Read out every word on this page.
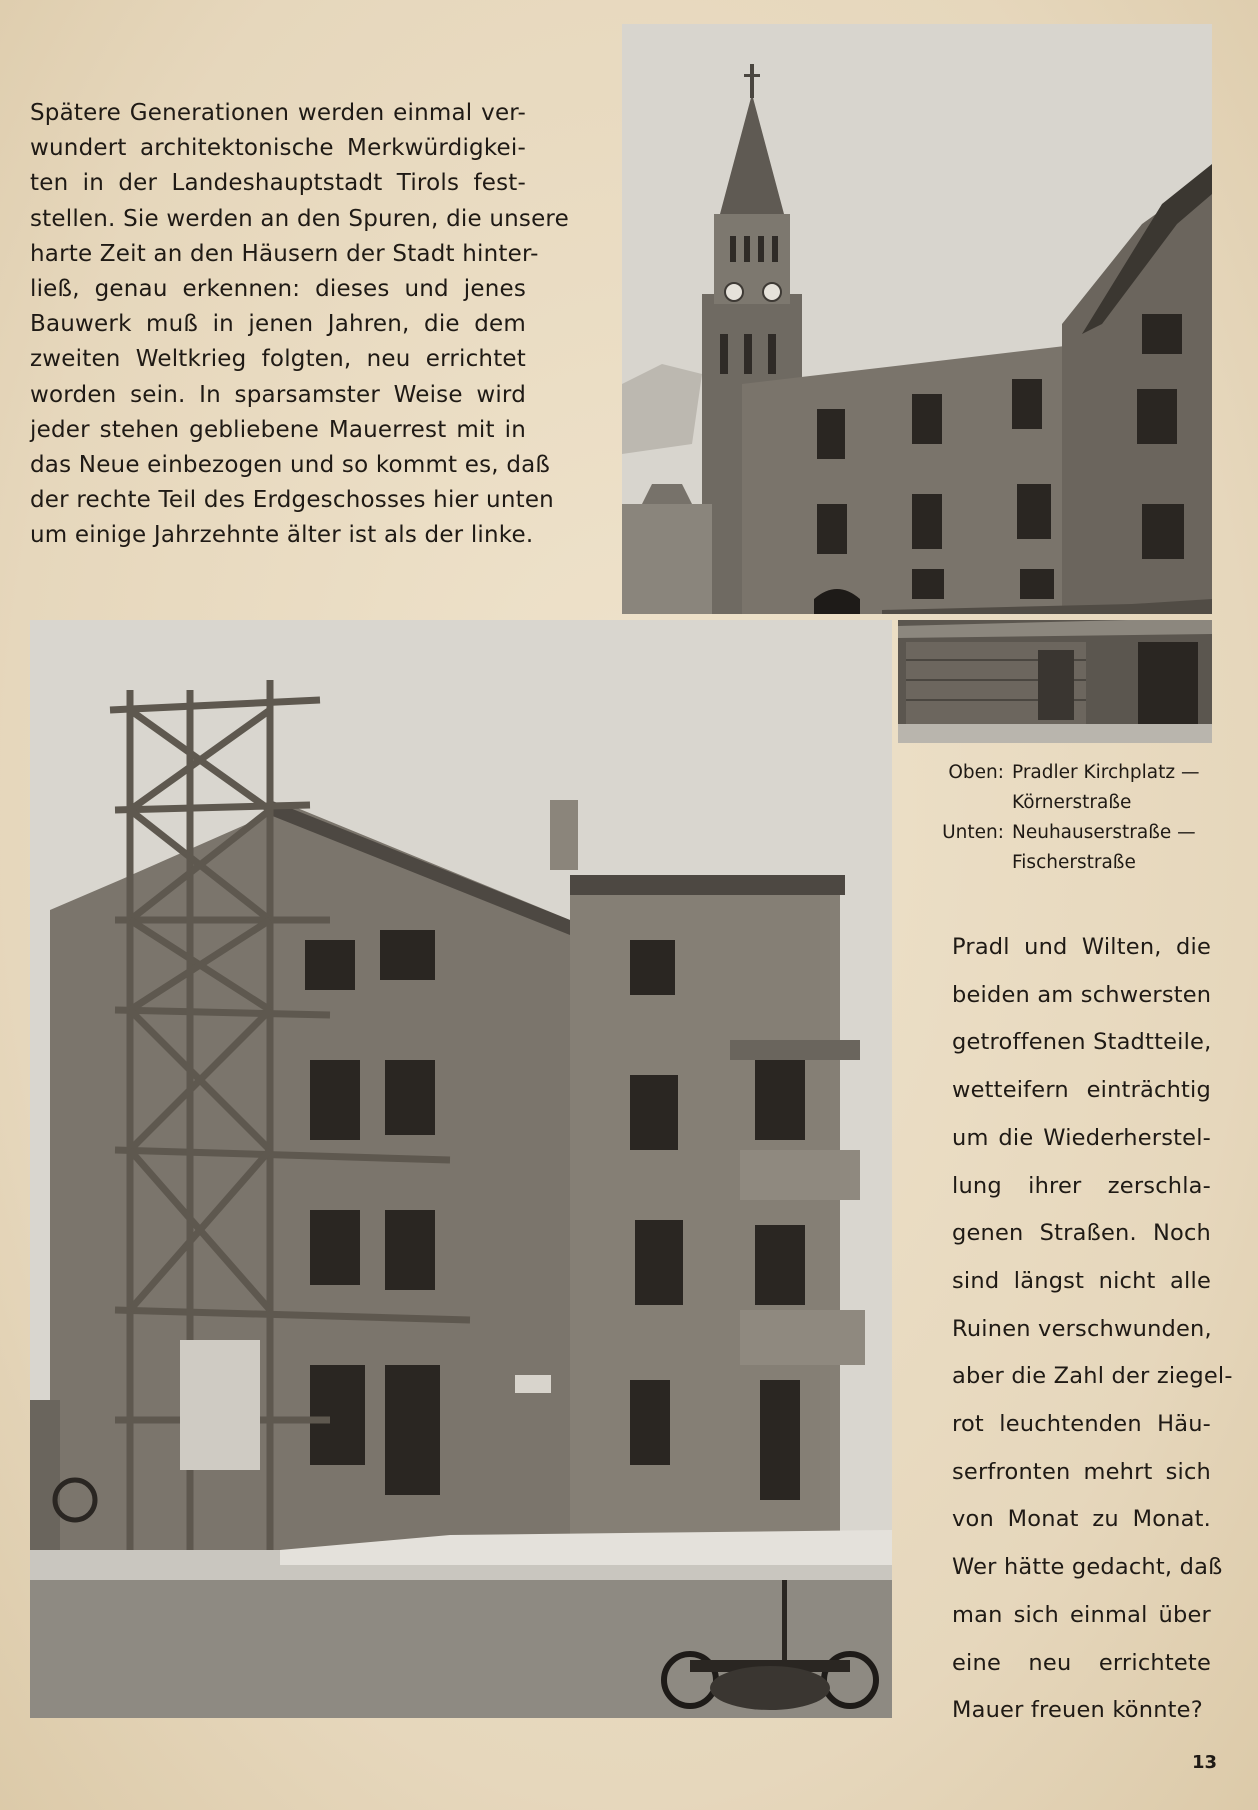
Spätere Generationen werden einmal ver-
wundert architektonische Merkwürdigkei-
ten in der Landeshauptstadt Tirols fest-
stellen. Sie werden an den Spuren, die unsere
harte Zeit an den Häusern der Stadt hinter-
ließ, genau erkennen: dieses und jenes
Bauwerk muß in jenen Jahren, die dem
zweiten Weltkrieg folgten, neu errichtet
worden sein. In sparsamster Weise wird
jeder stehen gebliebene Mauerrest mit in
das Neue einbezogen und so kommt es, daß
der rechte Teil des Erdgeschosses hier unten
um einige Jahrzehnte älter ist als der linke.
Oben: Pradler Kirchplatz —
Körnerstraße
Unten: Neuhauserstraße —
Fischerstraße
Pradl und Wilten, die
beiden am schwersten
getroffenen Stadtteile,
wetteifern einträchtig
um die Wiederherstel-
lung ihrer zerschla-
genen Straßen. Noch
sind längst nicht alle
Ruinen verschwunden,
aber die Zahl der ziegel-
rot leuchtenden Häu-
serfronten mehrt sich
von Monat zu Monat.
Wer hätte gedacht, daß
man sich einmal über
eine neu errichtete
Mauer freuen könnte?
13
